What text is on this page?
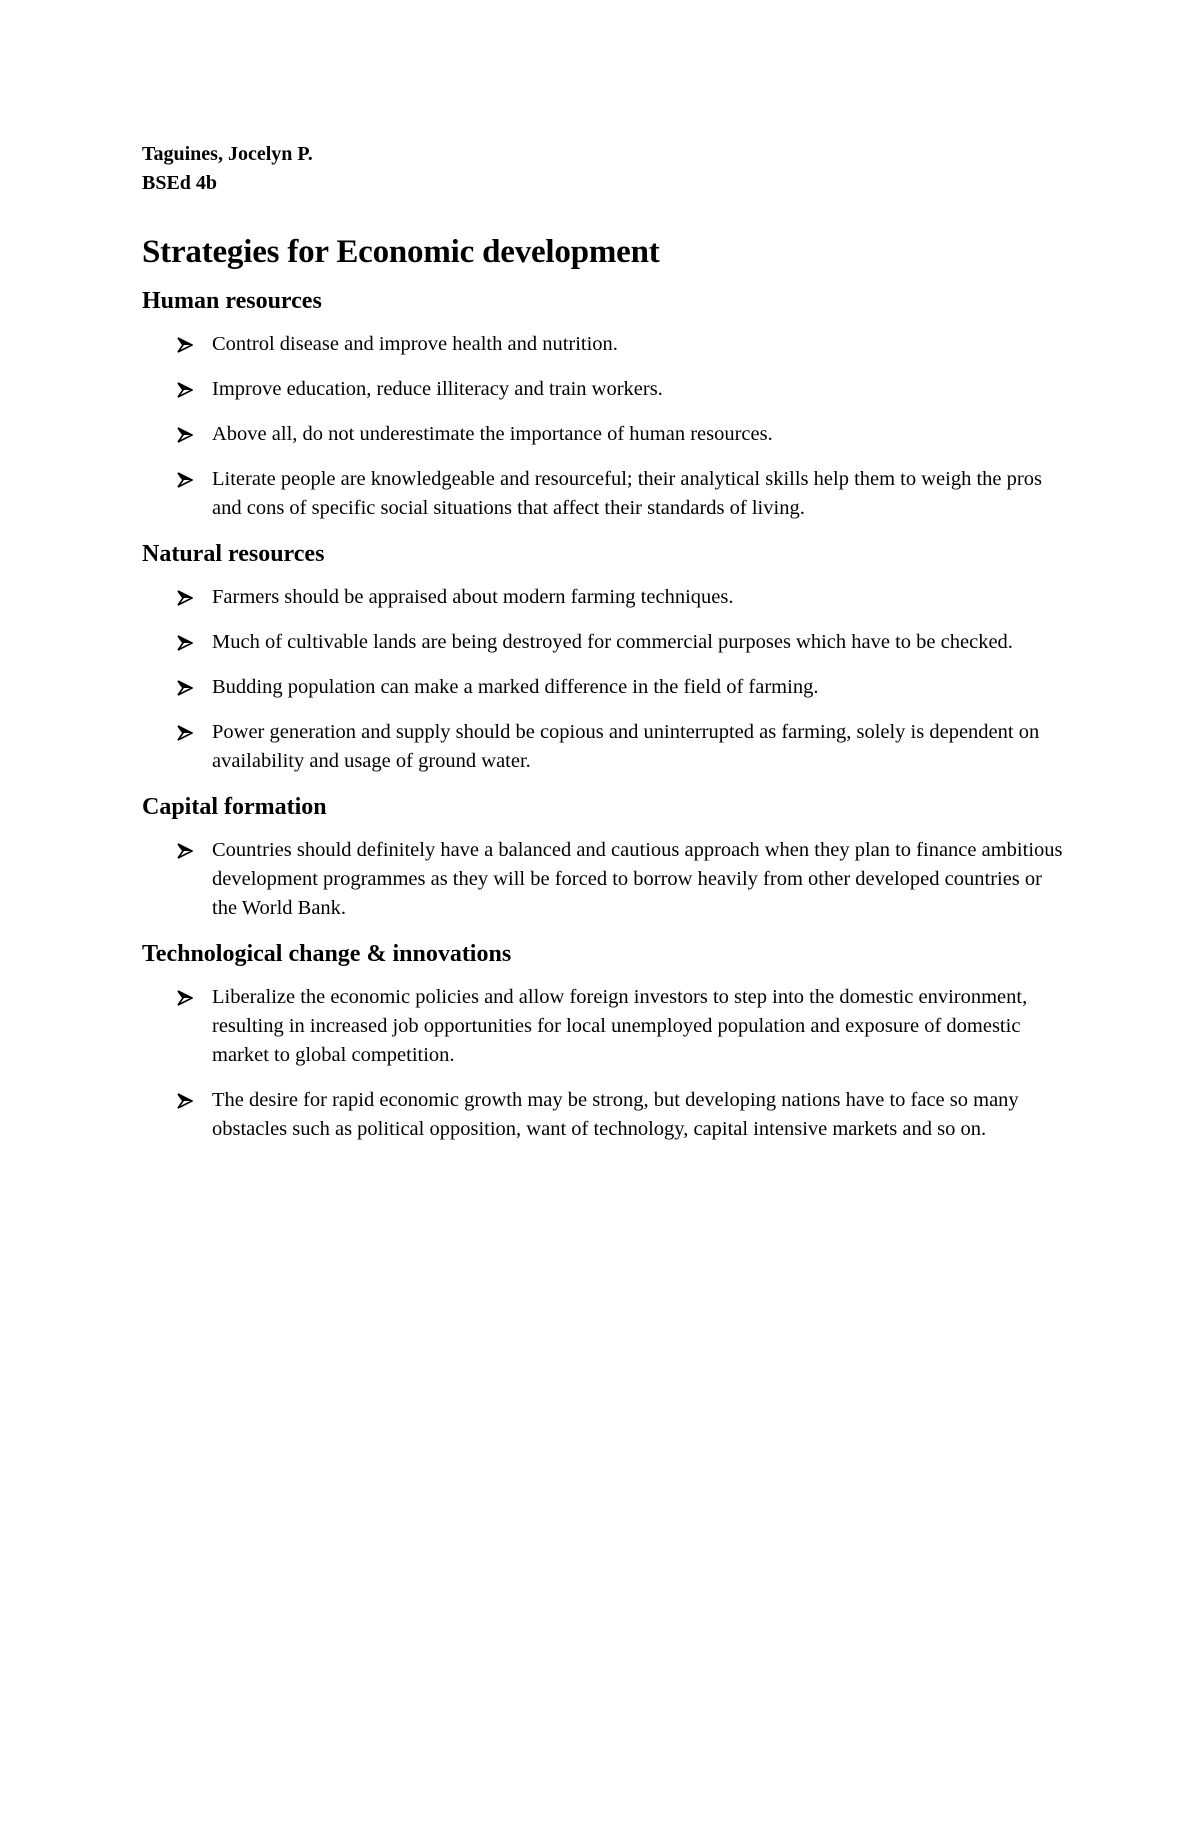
Taguines, Jocelyn P.

BSEd 4b

Strategies for Economic development
Human resources
Control disease and improve health and nutrition.
Improve education, reduce illiteracy and train workers.
Above all, do not underestimate the importance of human resources.
Literate people are knowledgeable and resourceful; their analytical skills help them to weigh the pros and cons of specific social situations that affect their standards of living.
Natural resources
Farmers should be appraised about modern farming techniques.
Much of cultivable lands are being destroyed for commercial purposes which have to be checked.
Budding population can make a marked difference in the field of farming.
Power generation and supply should be copious and uninterrupted as farming, solely is dependent on availability and usage of ground water.
Capital formation
Countries should definitely have a balanced and cautious approach when they plan to finance ambitious development programmes as they will be forced to borrow heavily from other developed countries or the World Bank.
Technological change & innovations
Liberalize the economic policies and allow foreign investors to step into the domestic environment, resulting in increased job opportunities for local unemployed population and exposure of domestic market to global competition.
The desire for rapid economic growth may be strong, but developing nations have to face so many obstacles such as political opposition, want of technology, capital intensive markets and so on.
